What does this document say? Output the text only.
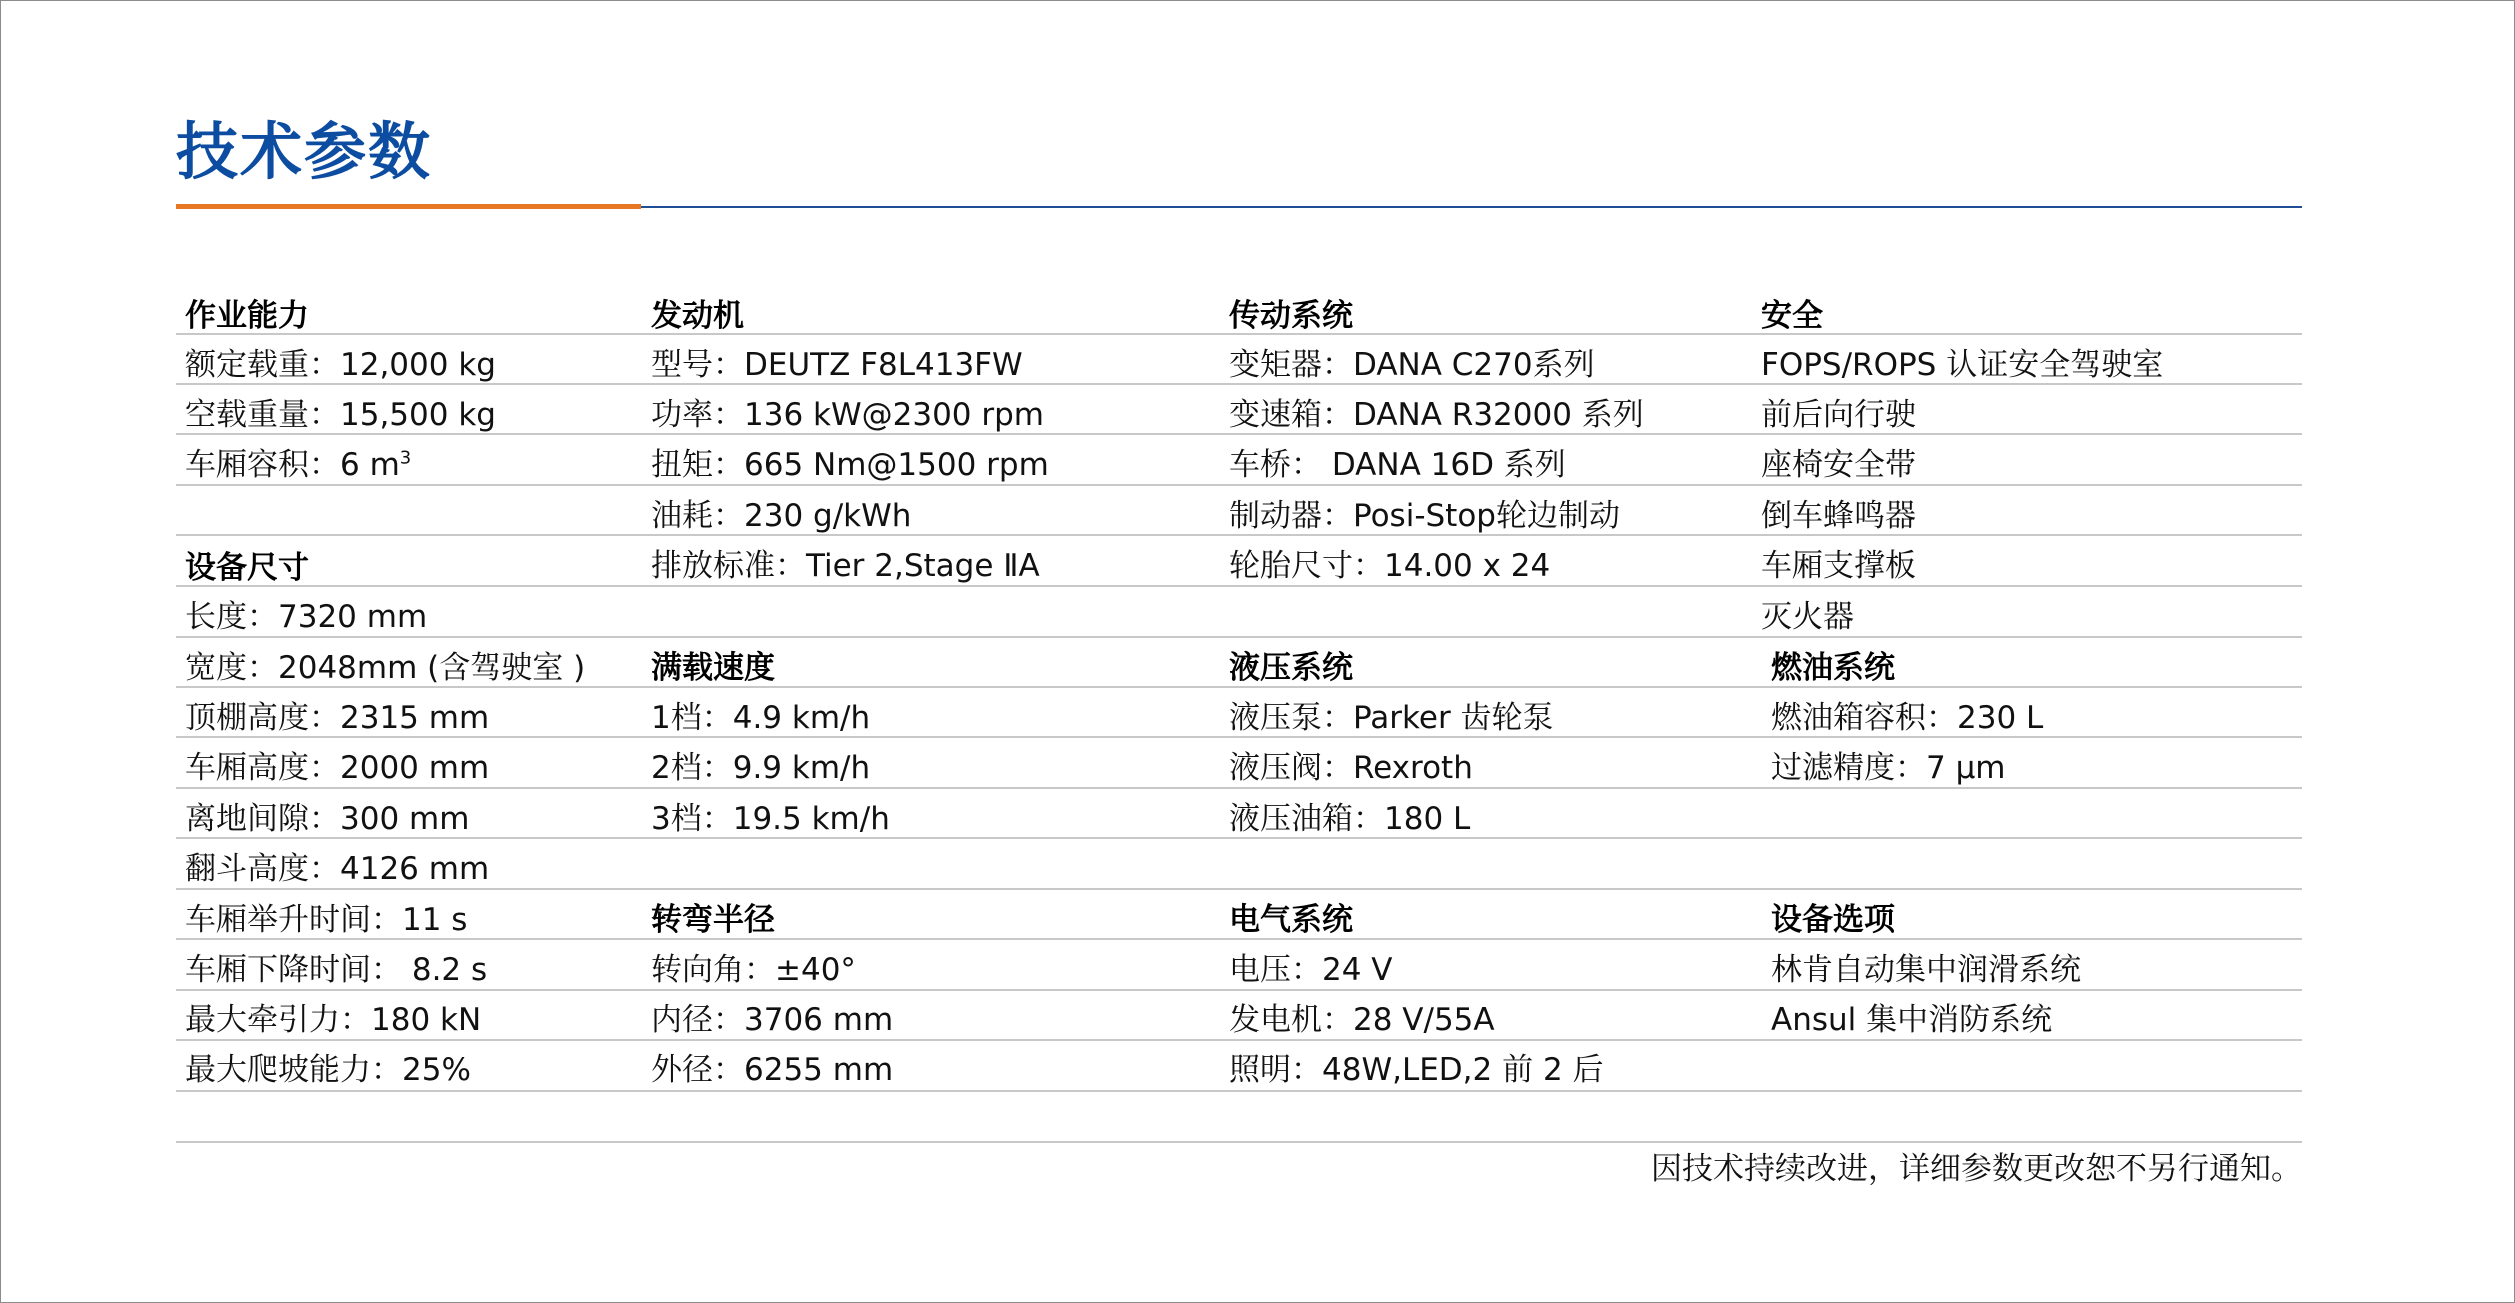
技术参数
作业能力
额定载重：12,000 kg
空载重量：15,500 kg
车厢容积：6 $m^3$
设备尺寸
长度：7320 mm
宽度：2048mm (含驾驶室 )
顶棚高度：2315 mm
车厢高度：2000 mm
离地间隙：300 mm
翻斗高度：4126 mm
车厢举升时间：11 s
车厢下降时间： 8.2 s
最大牵引力：180 kN
最大爬坡能力：25%
发动机
型号：DEUTZ F8L413FW
功率：136 kW@2300 rpm
扭矩：665 Nm@1500 rpm
油耗：230 g/kWh
排放标准：Tier 2,Stage ⅡA
满载速度
1档：4.9 km/h
2档：9.9 km/h
3档：19.5 km/h
转弯半径
转向角：±40°
内径：3706 mm
外径：6255 mm
传动系统
变矩器：DANA C270系列
变速箱：DANA R32000 系列
车桥： DANA 16D 系列
制动器：Posi-Stop轮边制动
轮胎尺寸：14.00 x 24
液压系统
液压泵：Parker 齿轮泵
液压阀：Rexroth
液压油箱：180 L
电气系统
电压：24 V
发电机：28 V/55A
照明：48W,LED,2 前 2 后
安全
FOPS/ROPS 认证安全驾驶室
前后向行驶
座椅安全带
倒车蜂鸣器
车厢支撑板
灭火器
燃油系统
燃油箱容积：230 L
过滤精度：7 μm
设备选项
林肯自动集中润滑系统
Ansul 集中消防系统
因技术持续改进，详细参数更改恕不另行通知。
